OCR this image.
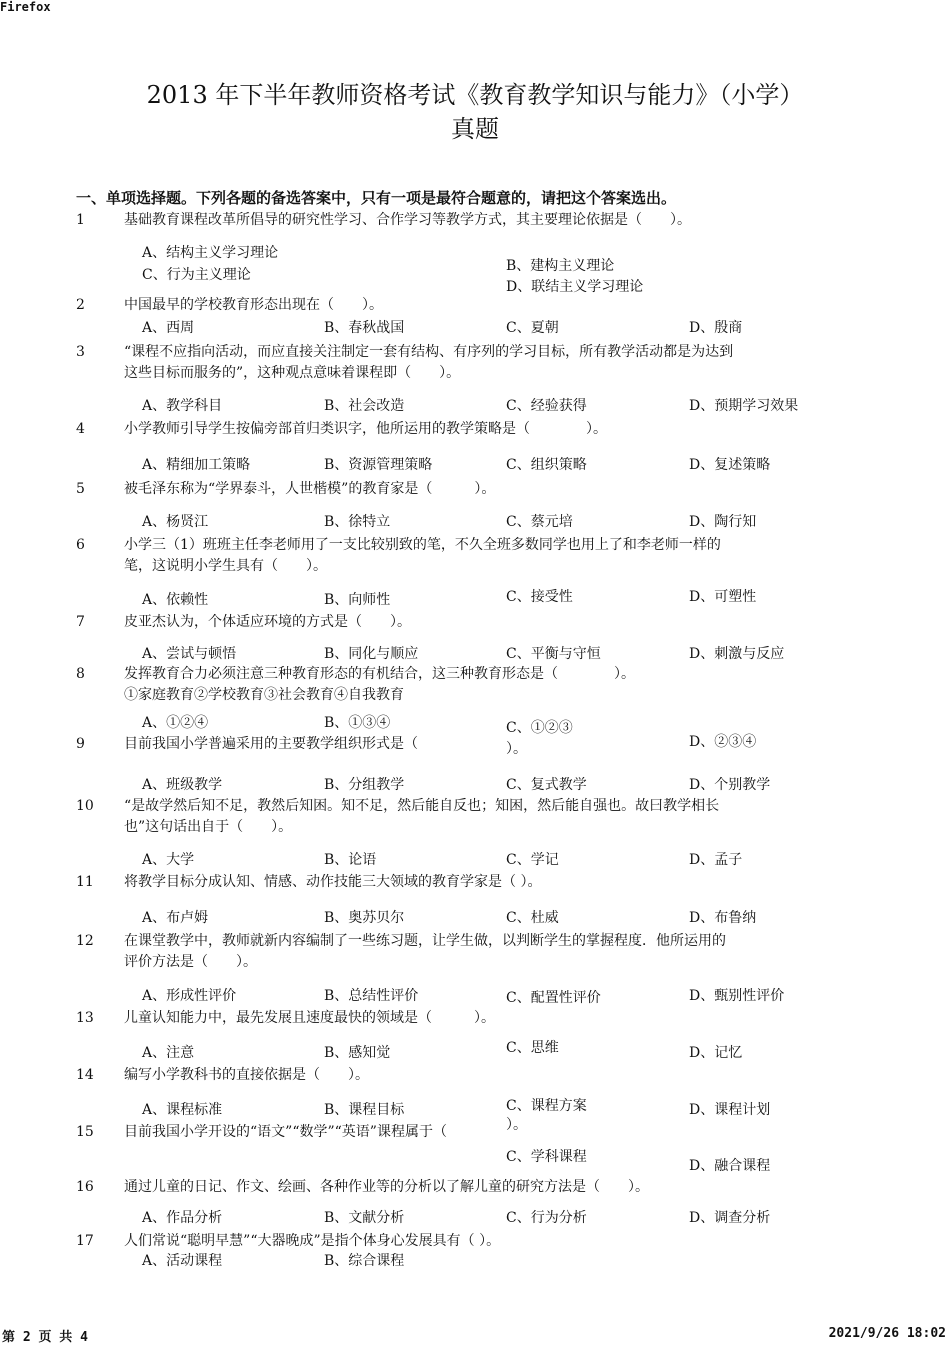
Firefox
2013 年下半年教师资格考试《教育教学知识与能力》（小学）
真题
一、单项选择题。下列各题的备选答案中，只有一项是最符合题意的，请把这个答案选出。
1	基础教育课程改革所倡导的研究性学习、合作学习等教学方式，其主要理论依据是（　　）。
A、结构主义学习理论
B、建构主义理论
C、行为主义理论
D、联结主义学习理论
2	中国最早的学校教育形态出现在（　　）。
A、西周	B、春秋战国	C、夏朝	D、殷商
3	“课程不应指向活动，而应直接关注制定一套有结构、有序列的学习目标，所有教学活动都是为达到
这些目标而服务的”，这种观点意味着课程即（　　）。
A、教学科目	B、社会改造	C、经验获得	D、预期学习效果
4	小学教师引导学生按偏旁部首归类识字，他所运用的教学策略是（　　　　）。
A、精细加工策略	B、资源管理策略	C、组织策略	D、复述策略
5	被毛泽东称为“学界泰斗，人世楷模”的教育家是（　　　）。
A、杨贤江	B、徐特立	C、蔡元培	D、陶行知
6	小学三（1）班班主任李老师用了一支比较别致的笔，不久全班多数同学也用上了和李老师一样的
笔，这说明小学生具有（　　）。
A、依赖性	B、向师性	C、接受性	D、可塑性
7	皮亚杰认为，个体适应环境的方式是（　　）。
A、尝试与顿悟	B、同化与顺应	C、平衡与守恒	D、刺激与反应
8	发挥教育合力必须注意三种教育形态的有机结合，这三种教育形态是（　　　　）。
①家庭教育②学校教育③社会教育④自我教育
A、①②④	B、①③④	C、①②③
D、②③④
9	目前我国小学普遍采用的主要教学组织形式是（	）。
A、班级教学	B、分组教学	C、复式教学	D、个别教学
10 “是故学然后知不足，教然后知困。知不足，然后能自反也；知困，然后能自强也。故曰教学相长
也”这句话出自于（　　）。
A、大学	B、论语	C、学记	D、孟子
11 将教学目标分成认知、情感、动作技能三大领域的教育学家是（ ）。
A、布卢姆	B、奥苏贝尔	C、杜威	D、布鲁纳
12 在课堂教学中，教师就新内容编制了一些练习题，让学生做，以判断学生的掌握程度．他所运用的
评价方法是（　　）。
A、形成性评价	B、总结性评价	C、配置性评价	D、甄别性评价
13 儿童认知能力中，最先发展且速度最快的领域是（　　　）。
A、注意	B、感知觉	C、思维	D、记忆
14 编写小学教科书的直接依据是（　　）。
A、课程标准	B、课程目标	C、课程方案	D、课程计划
15 目前我国小学开设的“语文”“数学”“英语”课程属于（	）。
C、学科课程
D、融合课程
16 通过儿童的日记、作文、绘画、各种作业等的分析以了解儿童的研究方法是（　　）。
A、作品分析	B、文献分析	C、行为分析	D、调查分析
17 人们常说“聪明早慧”“大器晚成”是指个体身心发展具有（ ）。
A、活动课程	B、综合课程
第 2 页 共 4	2021/9/26 18:02
